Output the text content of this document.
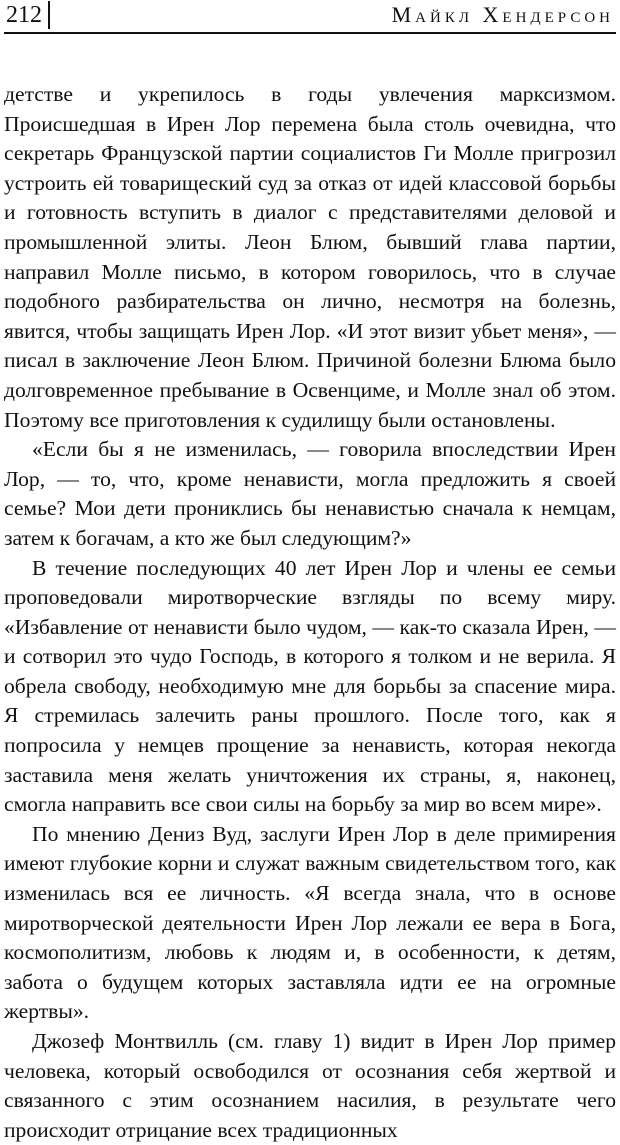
212	Майкл Хендерсон

детстве и укрепилось в годы увлечения марксизмом. Происшедшая в Ирен Лор перемена была столь очевидна, что секретарь Французской партии социалистов Ги Молле пригрозил устроить ей товарищеский суд за отказ от идей классовой борьбы и готовность вступить в диалог с представителями деловой и промышленной элиты. Леон Блюм, бывший глава партии, направил Молле письмо, в котором говорилось, что в случае подобного разбирательства он лично, несмотря на болезнь, явится, чтобы защищать Ирен Лор. «И этот визит убьет меня», — писал в заключение Леон Блюм. Причиной болезни Блюма было долговременное пребывание в Освенциме, и Молле знал об этом. Поэтому все приготовления к судилищу были остановлены.

«Если бы я не изменилась, — говорила впоследствии Ирен Лор, — то, что, кроме ненависти, могла предложить я своей семье? Мои дети прониклись бы ненавистью сначала к немцам, затем к богачам, а кто же был следующим?»

В течение последующих 40 лет Ирен Лор и члены ее семьи проповедовали миротворческие взгляды по всему миру. «Избавление от ненависти было чудом, — как-то сказала Ирен, — и сотворил это чудо Господь, в которого я толком и не верила. Я обрела свободу, необходимую мне для борьбы за спасение мира. Я стремилась залечить раны прошлого. После того, как я попросила у немцев прощение за ненависть, которая некогда заставила меня желать уничтожения их страны, я, наконец, смогла направить все свои силы на борьбу за мир во всем мире».

По мнению Дениз Вуд, заслуги Ирен Лор в деле примирения имеют глубокие корни и служат важным свидетельством того, как изменилась вся ее личность. «Я всегда знала, что в основе миротворческой деятельности Ирен Лор лежали ее вера в Бога, космополитизм, любовь к людям и, в особенности, к детям, забота о будущем которых заставляла идти ее на огромные жертвы».

Джозеф Монтвилль (см. главу 1) видит в Ирен Лор пример человека, который освободился от осознания себя жертвой и связанного с этим осознанием насилия, в результате чего происходит отрицание всех традиционных
